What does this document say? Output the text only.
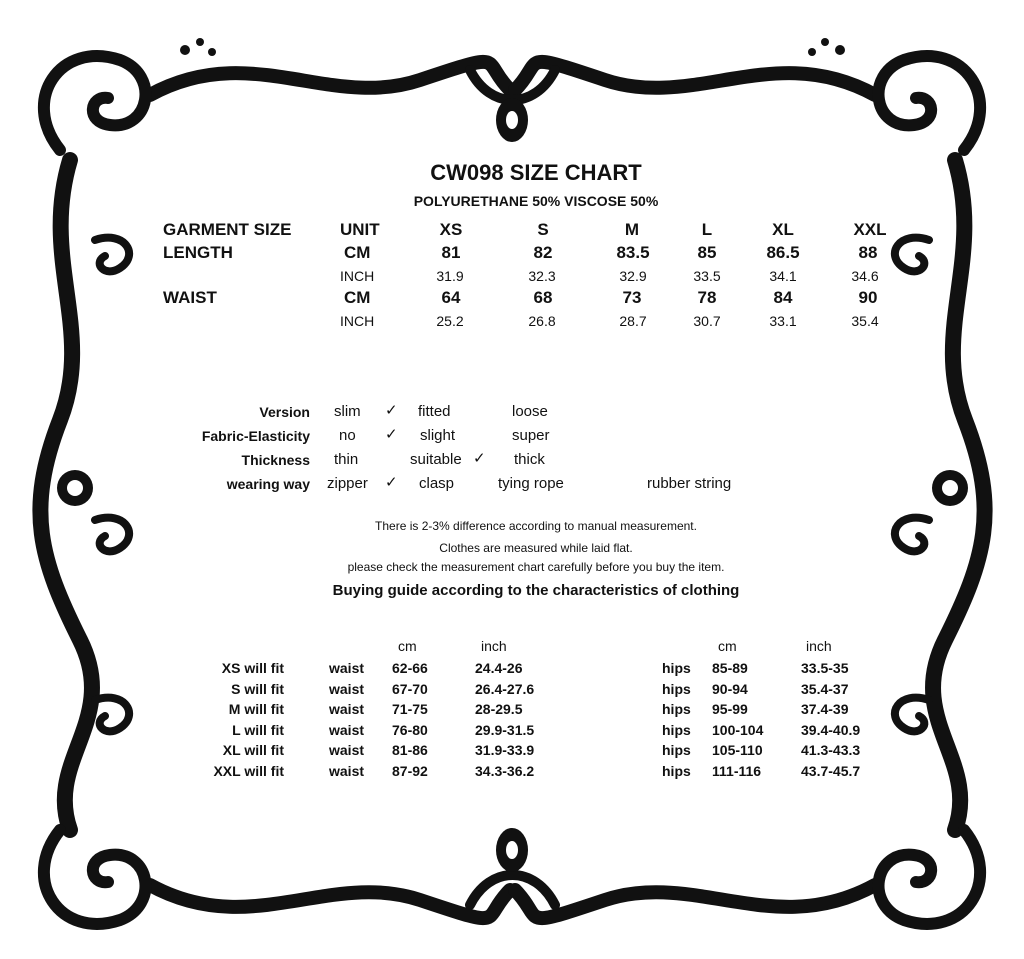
CW098 SIZE CHART
POLYURETHANE 50% VISCOSE 50%
GARMENT SIZE	UNIT	XS	S	M	L	XL	XXL
LENGTH	CM	81	82	83.5	85	86.5	88
INCH	31.9	32.3	32.9	33.5	34.1	34.6
WAIST	CM	64	68	73	78	84	90
INCH	25.2	26.8	28.7	30.7	33.1	35.4
Version slim ✓ fitted	loose
Fabric-Elasticity no ✓ slight	super
Thickness thin	suitable ✓ thick
wearing way zipper ✓ clasp	tying rope	rubber string
There is 2-3% difference according to manual measurement.
Clothes are measured while laid flat.
please check the measurement chart carefully before you buy the item.
Buying guide according to the characteristics of clothing
cm	inch	cm	inch
XS will fit	waist 62-66	24.4-26	hips 85-89	33.5-35
S will fit	waist 67-70	26.4-27.6	hips 90-94	35.4-37
M will fit	waist 71-75	28-29.5	hips 95-99	37.4-39
L will fit	waist 76-80	29.9-31.5	hips 100-104	39.4-40.9
XL will fit	waist 81-86	31.9-33.9	hips 105-110	41.3-43.3
XXL will fit	waist 87-92	34.3-36.2	hips 111-116	43.7-45.7
